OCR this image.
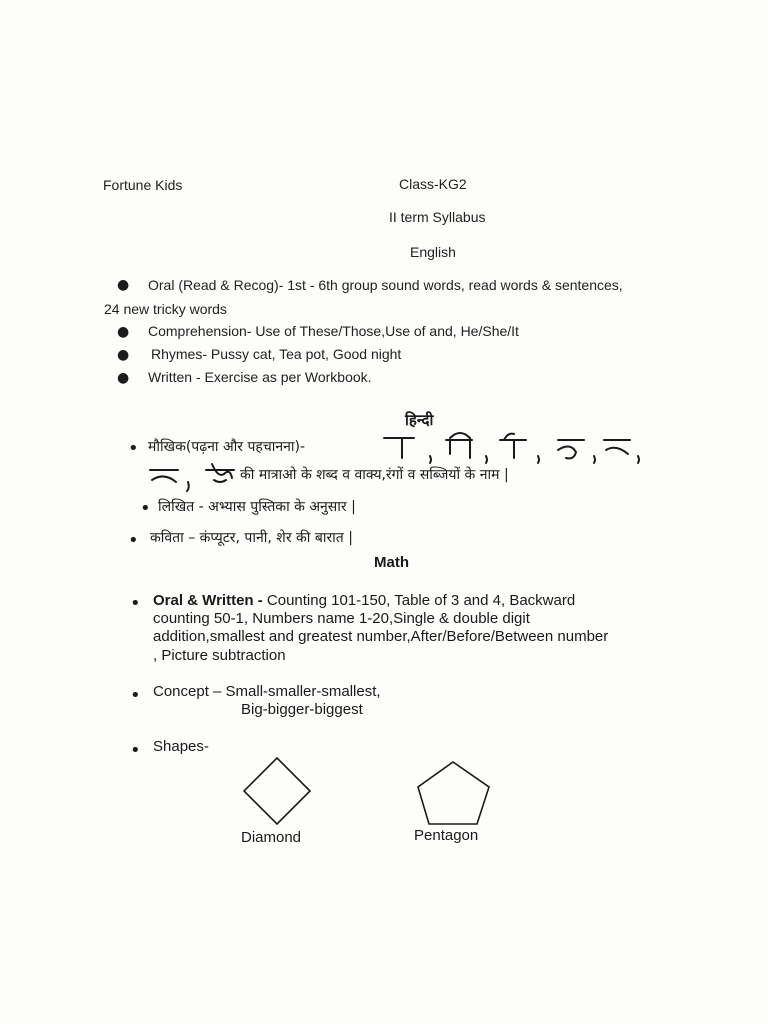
Fortune Kids	Class-KG2
II term Syllabus
English
● Oral (Read & Recog)- 1st - 6th group sound words, read words & sentences,
24 new tricky words
● Comprehension- Use of These/Those,Use of and, He/She/It
● Rhymes- Pussy cat, Tea pot, Good night
● Written - Exercise as per Workbook.
हिन्दी
• मौखिक(पढ़ना और पहचानना)-
की मात्राओ के शब्द व वाक्य,रंगों व सब्जियों के नाम |
• लिखित - अभ्यास पुस्तिका के अनुसार |
• कविता – कंप्यूटर, पानी, शेर की बारात |
Math
• Oral & Written - Counting 101-150, Table of 3 and 4, Backward
counting 50-1, Numbers name 1-20,Single & double digit
addition,smallest and greatest number,After/Before/Between number
, Picture subtraction
• Concept – Small-smaller-smallest,
Big-bigger-biggest
• Shapes-
Diamond	Pentagon
